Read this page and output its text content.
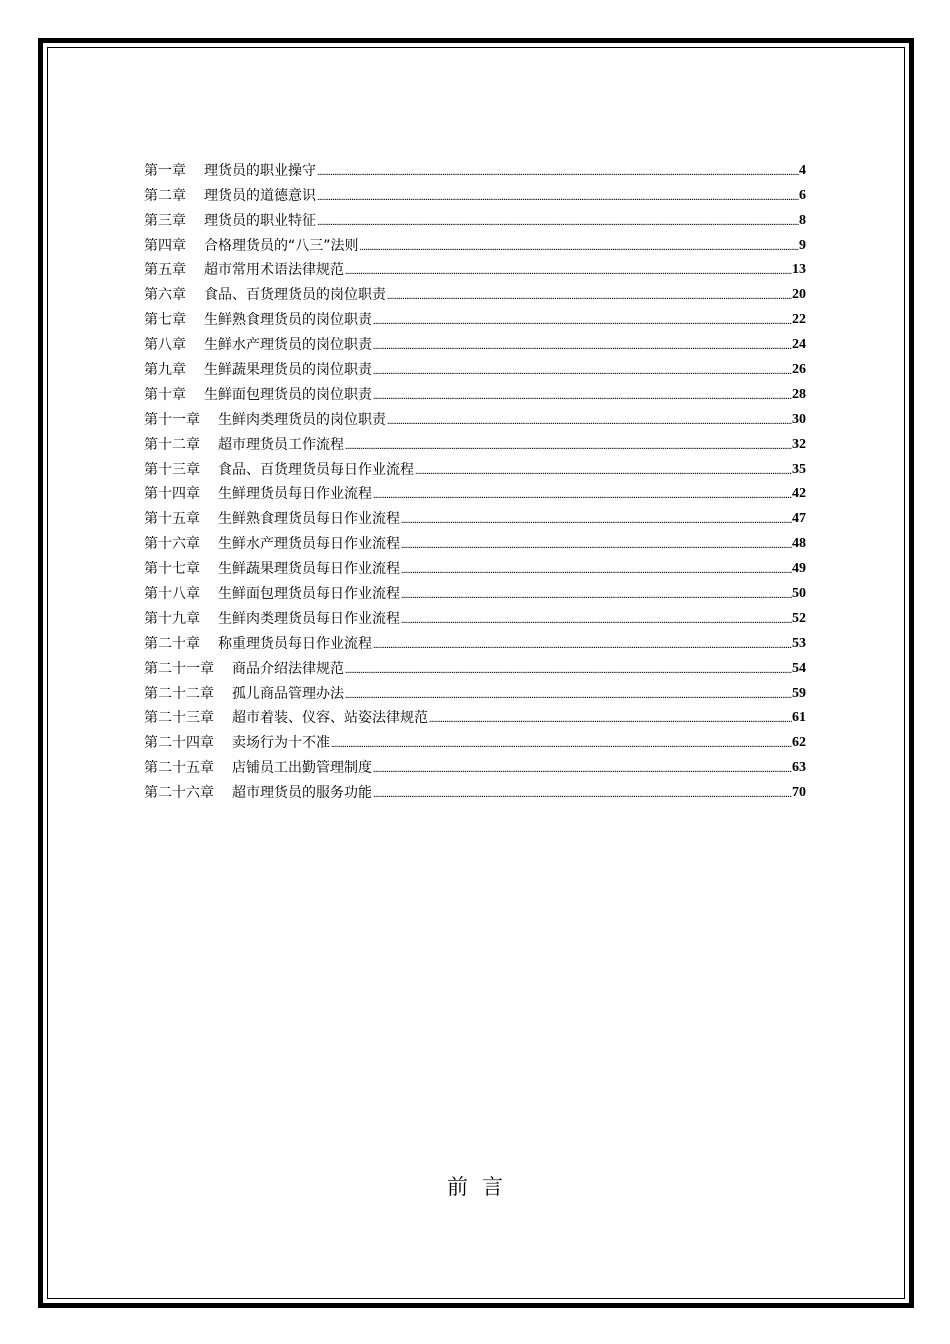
第一章 理货员的职业操守 .....	4
第二章 理货员的道德意识 .....	6
第三章 理货员的职业特征 .....	8
第四章 合格理货员的“八三”法则 .....	9
第五章 超市常用术语法律规范 .....	13
第六章 食品、百货理货员的岗位职责 .....	20
第七章 生鲜熟食理货员的岗位职责 .....	22
第八章 生鲜水产理货员的岗位职责 .....	24
第九章 生鲜蔬果理货员的岗位职责 .....	26
第十章 生鲜面包理货员的岗位职责 .....	28
第十一章 生鲜肉类理货员的岗位职责 .....	30
第十二章 超市理货员工作流程 .....	32
第十三章 食品、百货理货员每日作业流程 .....	35
第十四章 生鲜理货员每日作业流程 .....	42
第十五章 生鲜熟食理货员每日作业流程 .....	47
第十六章 生鲜水产理货员每日作业流程 .....	48
第十七章 生鲜蔬果理货员每日作业流程 .....	49
第十八章 生鲜面包理货员每日作业流程 .....	50
第十九章 生鲜肉类理货员每日作业流程 .....	52
第二十章 称重理货员每日作业流程 .....	53
第二十一章 商品介绍法律规范 .....	54
第二十二章 孤儿商品管理办法 .....	59
第二十三章 超市着装、仪容、站姿法律规范 .....	61
第二十四章 卖场行为十不准 .....	62
第二十五章 店铺员工出勤管理制度 .....	63
第二十六章 超市理货员的服务功能 .....	70
前言
